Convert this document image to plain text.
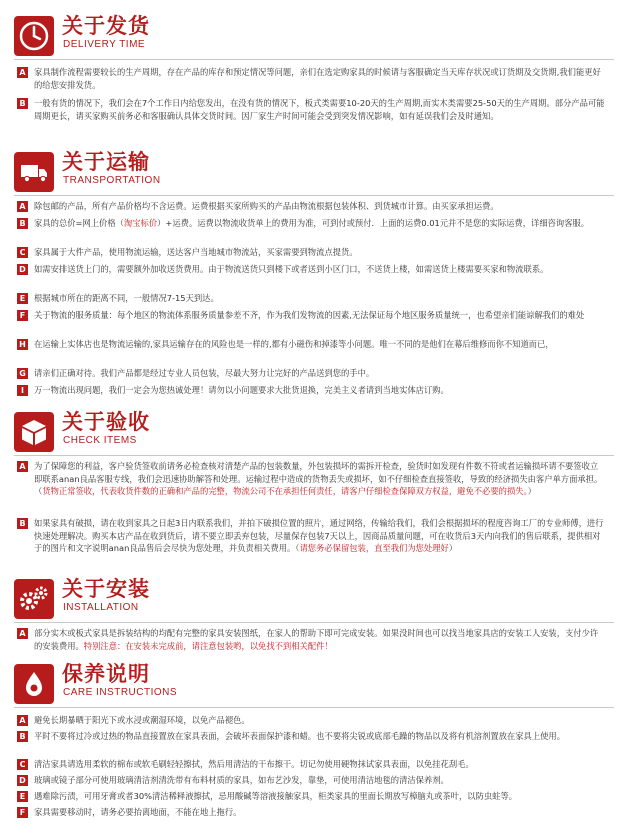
关于发货
DELIVERY TIME
A 家具制作流程需要较长的生产周期，存在产品的库存和预定情况等问题，亲们在选定购家具的时候请与客服确定当天库存状况或订货期及交货期,我们能更好的给您安排发货。
B 一般有货的情况下，我们会在7个工作日内给您发出，在没有货的情况下，板式类需要10-20天的生产周期,而实木类需要25-50天的生产周期。部分产品可能周期更长，请买家购买前务必和客服确认具体交货时间。因厂家生产时间可能会受到突发情况影响，如有延误我们会及时通知。
关于运输
TRANSPORTATION
A 除包邮的产品，所有产品价格均不含运费。运费根据买家所购买的产品由物流根据包装体积、到货城市计算。由买家承担运费。
B 家具的总价=网上价格（淘宝标价）+运费。运费以物流收货单上的费用为准，可到付或预付．上面的运费0.01元并不是您的实际运费，详细咨询客服。
C	家具属于大件产品，使用物流运输，送达客户当地城市物流站，买家需要到物流点提货。
D 如需安排送货上门的，需要额外加收送货费用。由于物流送货只到楼下或者送到小区门口，不送货上楼，如需送货上楼需要买家和物流联系。
E	根据城市所在的距离不同，一般情况7-15天到达。
F	关于物流的服务质量：每个地区的物流体系服务质量参差不齐，作为我们发物流的因素,无法保证每个地区服务质量统一，也希望亲们能谅解我们的难处
H 在运输上实体店也是物流运输的,家具运输存在的风险也是一样的,都有小磁伤和掉漆等小问题。唯一不同的是他们在幕后维修而你不知道而已，
G 请亲们正确对待。我们产品都是经过专业人员包装，尽最大努力让完好的产品送到您的手中。
I	万一物流出现问题，我们一定会为您热诚处理！请勿以小问题要求大批货退换，完美主义者请到当地实体店订购。
关于验收
CHECK ITEMS
A 为了保障您的利益，客户验货签收前请务必检查核对清楚产品的包装数量，外包装损坏的需拆开检查，验货时如发现有件数不符或者运输损坏请不要签收立即联系anan良品客服专线，我们会迅速协助解答和处理。运输过程中造成的货物丢失或损坏，如不仔细检查直接签收，导致的经济损失由客户单方面承担。（货物正常签收，代表收货件数的正确和产品的完整，物流公司不在承担任何责任，请客户仔细检查保障双方权益，避免不必要的损失。）
B 如果家具有破损，请在收到家具之日起3日内联系我们，并拍下破损位置的照片，通过网络，传输给我们，我们会根据损坏的程度咨询工厂的专业师傅，进行快速处理解决。购买本店产品在收到货后，请不要立即丢弃包装，尽量保存包装7天以上，因商品质量问题，可在收货后3天内向我们的售后联系，提供相对于的图片和文字说明anan良品售后会尽快为您处理，并负责相关费用。（请您务必保留包装，直至我们为您处理好）
关于安装
INSTALLATION
A 部分实木或板式家具是拆装结构的均配有完整的家具安装图纸，在家人的帮助下即可完成安装。如果没时间也可以找当地家具店的安装工人安装，支付少许的安装费用。特别注意：在安装未完成前，请注意包装哟，以免找不到相关配件！
保养说明
CARE INSTRUCTIONS
A 避免长期暴晒于阳光下或水浸或潮湿环境，以免产品褪色。
B 平时不要将过冷或过热的物品直接置放在家具表面，会破坏表面保护漆和蜡。也不要将尖锐或底部毛躁的物品以及将有机溶剂置放在家具上使用。
C	清洁家具请选用柔软的棉布或软毛刷轻轻擦拭，然后用清洁的干布擦干。切记勿使用硬物抹试家具表面，以免挂花刮毛。
D 玻璃或镜子部分可使用玻璃清洁剂清洗带有布料材质的家具，如布艺沙发，靠垫，可使用清洁地毯的清洁保养剂。
E	遇难除污渍，可用牙膏或者30%清洁稀释液擦拭，忌用酸碱等溶液接触家具，柜类家具的里面长期放写樟脑丸或茶叶，以防虫蛀等。
F	家具需要移动时，请务必要抬离地面，不能在地上拖行。
